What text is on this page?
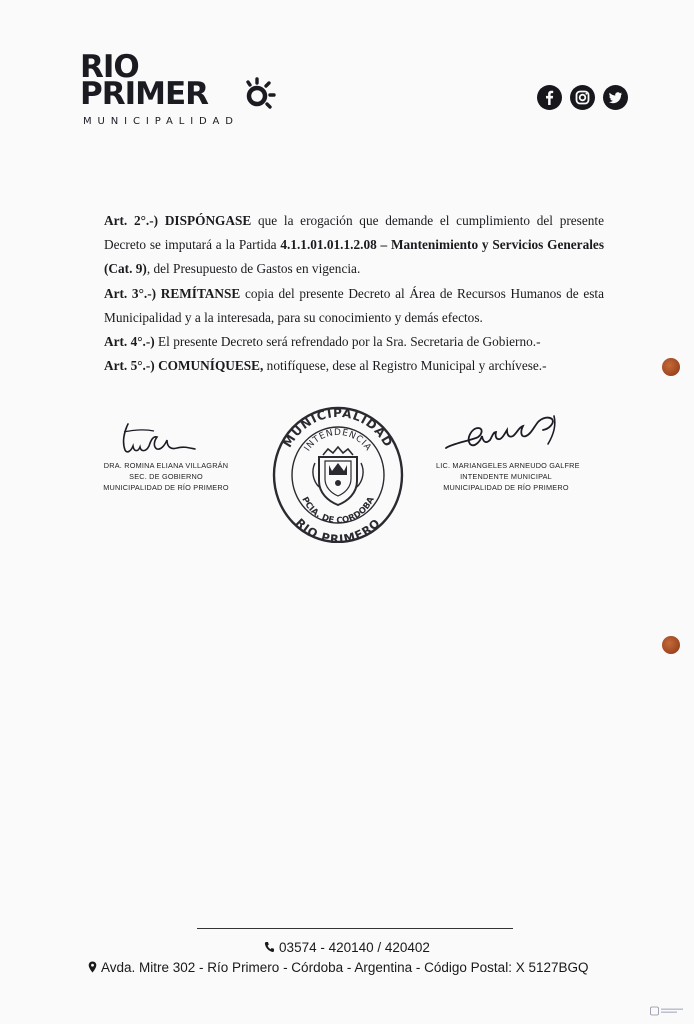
RIO
PRIMER
MUNICIPALIDAD

Art. 2°.-) DISPÓNGASE que la erogación que demande el cumplimiento del presente Decreto se imputará a la Partida 4.1.1.01.01.1.2.08 – Mantenimiento y Servicios Generales (Cat. 9), del Presupuesto de Gastos en vigencia.

Art. 3°.-) REMÍTANSE copia del presente Decreto al Área de Recursos Humanos de esta Municipalidad y a la interesada, para su conocimiento y demás efectos.

Art. 4°.-) El presente Decreto será refrendado por la Sra. Secretaria de Gobierno.-

Art. 5°.-) COMUNÍQUESE, notifíquese, dese al Registro Municipal y archívese.-

DRA. ROMINA ELIANA VILLAGRÁN
SEC. DE GOBIERNO
MUNICIPALIDAD DE RÍO PRIMERO
MUNICIPALIDAD
INTENDENCIA
PCIA. DE CORDOBA
RIO PRIMERO
LIC. MARIANGELES ARNEUDO GALFRE
INTENDENTE MUNICIPAL
MUNICIPALIDAD DE RÍO PRIMERO
03574 - 420140 / 420402
Avda. Mitre 302 - Río Primero - Córdoba - Argentina - Código Postal: X 5127BGQ
